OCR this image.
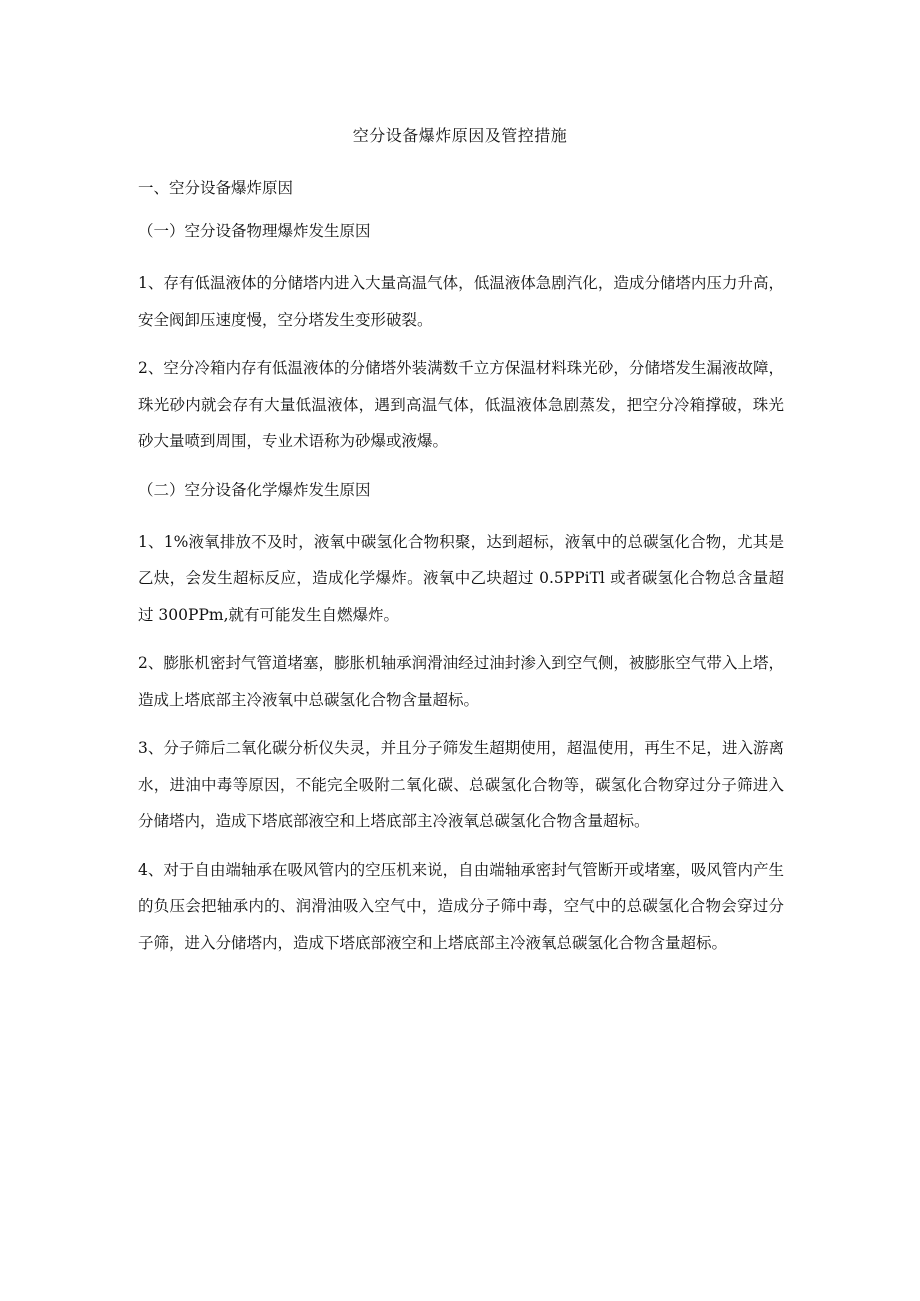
空分设备爆炸原因及管控措施

一、空分设备爆炸原因

（一）空分设备物理爆炸发生原因

1、存有低温液体的分储塔内进入大量高温气体，低温液体急剧汽化，造成分储塔内压力升高，安全阀卸压速度慢，空分塔发生变形破裂。

2、空分冷箱内存有低温液体的分储塔外装满数千立方保温材料珠光砂，分储塔发生漏液故障，珠光砂内就会存有大量低温液体，遇到高温气体，低温液体急剧蒸发，把空分冷箱撑破，珠光砂大量喷到周围，专业术语称为砂爆或液爆。

（二）空分设备化学爆炸发生原因

1、1%液氧排放不及时，液氧中碳氢化合物积聚，达到超标，液氧中的总碳氢化合物，尤其是乙炔，会发生超标反应，造成化学爆炸。液氧中乙块超过 0.5PPiTl 或者碳氢化合物总含量超过 300PPm,就有可能发生自燃爆炸。

2、膨胀机密封气管道堵塞，膨胀机轴承润滑油经过油封渗入到空气侧，被膨胀空气带入上塔，造成上塔底部主冷液氧中总碳氢化合物含量超标。

3、分子筛后二氧化碳分析仪失灵，并且分子筛发生超期使用，超温使用，再生不足，进入游离水，进油中毒等原因，不能完全吸附二氧化碳、总碳氢化合物等，碳氢化合物穿过分子筛进入分储塔内，造成下塔底部液空和上塔底部主冷液氧总碳氢化合物含量超标。

4、对于自由端轴承在吸风管内的空压机来说，自由端轴承密封气管断开或堵塞，吸风管内产生的负压会把轴承内的、润滑油吸入空气中，造成分子筛中毒，空气中的总碳氢化合物会穿过分子筛，进入分储塔内，造成下塔底部液空和上塔底部主冷液氧总碳氢化合物含量超标。
